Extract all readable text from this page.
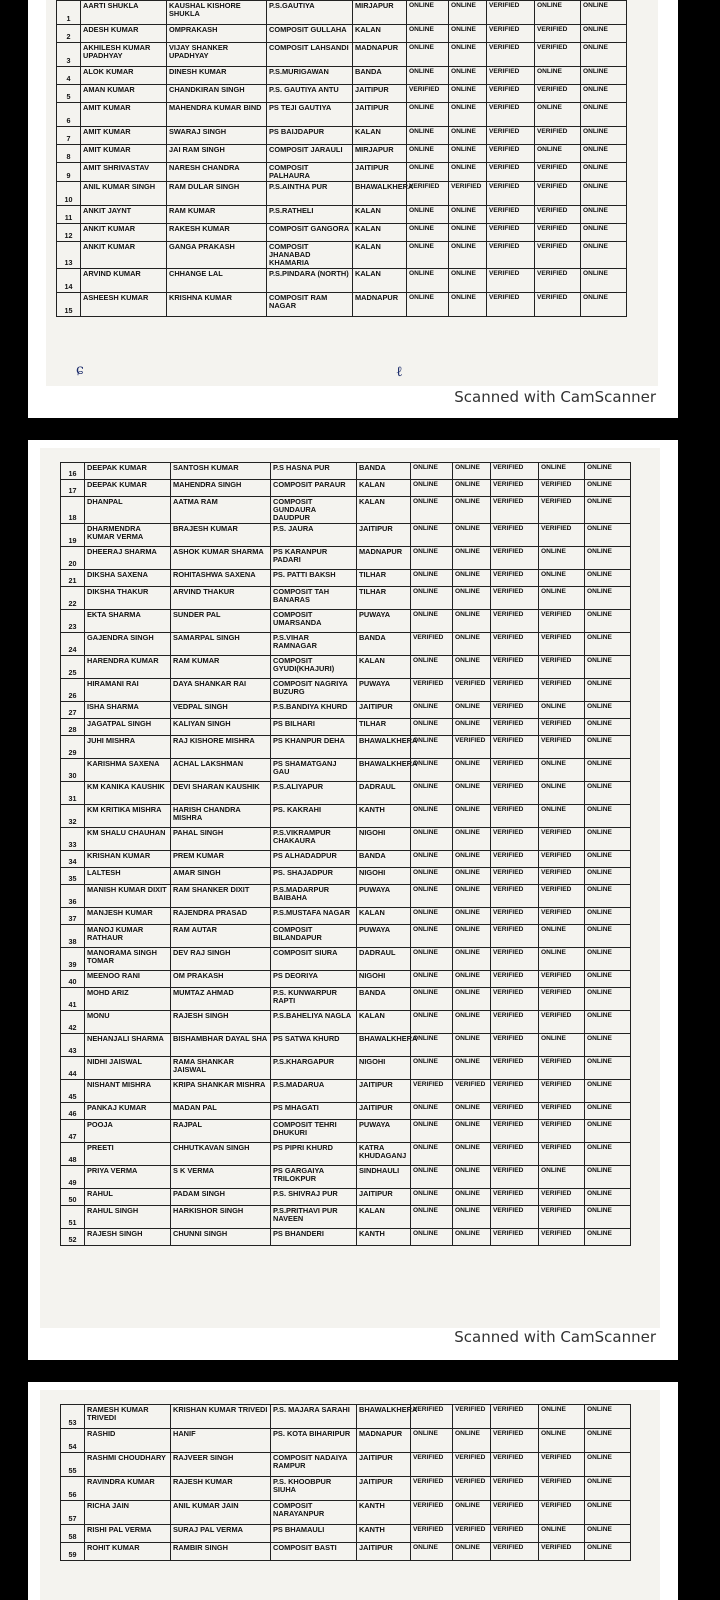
1	AARTI SHUKLA	KAUSHAL KISHORE SHUKLA	P.S.GAUTIYA	MIRJAPUR	ONLINE	ONLINE	VERIFIED	ONLINE	ONLINE
2	ADESH KUMAR	OMPRAKASH	COMPOSIT GULLAHA	KALAN	ONLINE	ONLINE	VERIFIED	VERIFIED	ONLINE
3	AKHILESH KUMAR UPADHYAY	VIJAY SHANKER UPADHYAY	COMPOSIT LAHSANDI	MADNAPUR	ONLINE	ONLINE	VERIFIED	VERIFIED	ONLINE
4	ALOK KUMAR	DINESH KUMAR	P.S.MURIGAWAN	BANDA	ONLINE	ONLINE	VERIFIED	ONLINE	ONLINE
5	AMAN KUMAR	CHANDKIRAN SINGH	P.S. GAUTIYA ANTU	JAITIPUR	VERIFIED	ONLINE	VERIFIED	VERIFIED	ONLINE
6	AMIT KUMAR	MAHENDRA KUMAR BIND	PS TEJI GAUTIYA	JAITIPUR	ONLINE	ONLINE	VERIFIED	ONLINE	ONLINE
7	AMIT KUMAR	SWARAJ SINGH	PS BAIJDAPUR	KALAN	ONLINE	ONLINE	VERIFIED	VERIFIED	ONLINE
8	AMIT KUMAR	JAI RAM SINGH	COMPOSIT JARAULI	MIRJAPUR	ONLINE	ONLINE	VERIFIED	ONLINE	ONLINE
9	AMIT SHRIVASTAV	NARESH CHANDRA	COMPOSIT PALHAURA	JAITIPUR	ONLINE	ONLINE	VERIFIED	VERIFIED	ONLINE
10	ANIL KUMAR SINGH	RAM DULAR SINGH	P.S.AINTHA PUR	BHAWALKHERA	VERIFIED	VERIFIED	VERIFIED	VERIFIED	ONLINE
11	ANKIT JAYNT	RAM KUMAR	P.S.RATHELI	KALAN	ONLINE	ONLINE	VERIFIED	VERIFIED	ONLINE
12	ANKIT KUMAR	RAKESH KUMAR	COMPOSIT GANGORA	KALAN	ONLINE	ONLINE	VERIFIED	VERIFIED	ONLINE
13	ANKIT KUMAR	GANGA PRAKASH	COMPOSIT JHANABAD KHAMARIA	KALAN	ONLINE	ONLINE	VERIFIED	VERIFIED	ONLINE
14	ARVIND KUMAR	CHHANGE LAL	P.S.PINDARA (NORTH)	KALAN	ONLINE	ONLINE	VERIFIED	VERIFIED	ONLINE
15	ASHEESH KUMAR	KRISHNA KUMAR	COMPOSIT RAM NAGAR	MADNAPUR	ONLINE	ONLINE	VERIFIED	VERIFIED	ONLINE
ɕ	ℓ
Scanned with CamScanner
16	DEEPAK KUMAR	SANTOSH KUMAR	P.S HASNA PUR	BANDA	ONLINE	ONLINE	VERIFIED	ONLINE	ONLINE
17	DEEPAK KUMAR	MAHENDRA SINGH	COMPOSIT PARAUR	KALAN	ONLINE	ONLINE	VERIFIED	VERIFIED	ONLINE
18	DHANPAL	AATMA RAM	COMPOSIT GUNDAURA DAUDPUR	KALAN	ONLINE	ONLINE	VERIFIED	VERIFIED	ONLINE
19	DHARMENDRA KUMAR VERMA	BRAJESH KUMAR	P.S. JAURA	JAITIPUR	ONLINE	ONLINE	VERIFIED	VERIFIED	ONLINE
20	DHEERAJ SHARMA	ASHOK KUMAR SHARMA	PS KARANPUR PADARI	MADNAPUR	ONLINE	ONLINE	VERIFIED	ONLINE	ONLINE
21	DIKSHA SAXENA	ROHITASHWA SAXENA	PS. PATTI BAKSH	TILHAR	ONLINE	ONLINE	VERIFIED	ONLINE	ONLINE
22	DIKSHA THAKUR	ARVIND THAKUR	COMPOSIT TAH BANARAS	TILHAR	ONLINE	ONLINE	VERIFIED	ONLINE	ONLINE
23	EKTA SHARMA	SUNDER PAL	COMPOSIT UMARSANDA	PUWAYA	ONLINE	ONLINE	VERIFIED	VERIFIED	ONLINE
24	GAJENDRA SINGH	SAMARPAL SINGH	P.S.VIHAR RAMNAGAR	BANDA	VERIFIED	ONLINE	VERIFIED	VERIFIED	ONLINE
25	HARENDRA KUMAR	RAM KUMAR	COMPOSIT GYUDI(KHAJURI)	KALAN	ONLINE	ONLINE	VERIFIED	VERIFIED	ONLINE
26	HIRAMANI RAI	DAYA SHANKAR RAI	COMPOSIT NAGRIYA BUZURG	PUWAYA	VERIFIED	VERIFIED	VERIFIED	VERIFIED	ONLINE
27	ISHA SHARMA	VEDPAL SINGH	P.S.BANDIYA KHURD	JAITIPUR	ONLINE	ONLINE	VERIFIED	ONLINE	ONLINE
28	JAGATPAL SINGH	KALIYAN SINGH	PS BILHARI	TILHAR	ONLINE	ONLINE	VERIFIED	VERIFIED	ONLINE
29	JUHI MISHRA	RAJ KISHORE MISHRA	PS KHANPUR DEHA	BHAWALKHERA	ONLINE	VERIFIED	VERIFIED	VERIFIED	ONLINE
30	KARISHMA SAXENA	ACHAL LAKSHMAN	PS SHAMATGANJ GAU	BHAWALKHERA	ONLINE	ONLINE	VERIFIED	ONLINE	ONLINE
31	KM KANIKA KAUSHIK	DEVI SHARAN KAUSHIK	P.S.ALIYAPUR	DADRAUL	ONLINE	ONLINE	VERIFIED	ONLINE	ONLINE
32	KM KRITIKA MISHRA	HARISH CHANDRA MISHRA	PS. KAKRAHI	KANTH	ONLINE	ONLINE	VERIFIED	ONLINE	ONLINE
33	KM SHALU CHAUHAN	PAHAL SINGH	P.S.VIKRAMPUR CHAKAURA	NIGOHI	ONLINE	ONLINE	VERIFIED	VERIFIED	ONLINE
34	KRISHAN KUMAR	PREM KUMAR	PS ALHADADPUR	BANDA	ONLINE	ONLINE	VERIFIED	VERIFIED	ONLINE
35	LALTESH	AMAR SINGH	PS. SHAJADPUR	NIGOHI	ONLINE	ONLINE	VERIFIED	VERIFIED	ONLINE
36	MANISH KUMAR DIXIT	RAM SHANKER DIXIT	P.S.MADARPUR BAIBAHA	PUWAYA	ONLINE	ONLINE	VERIFIED	VERIFIED	ONLINE
37	MANJESH KUMAR	RAJENDRA PRASAD	P.S.MUSTAFA NAGAR	KALAN	ONLINE	ONLINE	VERIFIED	VERIFIED	ONLINE
38	MANOJ KUMAR RATHAUR	RAM AUTAR	COMPOSIT BILANDAPUR	PUWAYA	ONLINE	ONLINE	VERIFIED	ONLINE	ONLINE
39	MANORAMA SINGH TOMAR	DEV RAJ SINGH	COMPOSIT SIURA	DADRAUL	ONLINE	ONLINE	VERIFIED	ONLINE	ONLINE
40	MEENOO RANI	OM PRAKASH	PS DEORIYA	NIGOHI	ONLINE	ONLINE	VERIFIED	VERIFIED	ONLINE
41	MOHD ARIZ	MUMTAZ AHMAD	P.S. KUNWARPUR RAPTI	BANDA	ONLINE	ONLINE	VERIFIED	VERIFIED	ONLINE
42	MONU	RAJESH SINGH	P.S.BAHELIYA NAGLA	KALAN	ONLINE	ONLINE	VERIFIED	VERIFIED	ONLINE
43	NEHANJALI SHARMA	BISHAMBHAR DAYAL SHA	PS SATWA KHURD	BHAWALKHERA	ONLINE	ONLINE	VERIFIED	ONLINE	ONLINE
44	NIDHI JAISWAL	RAMA SHANKAR JAISWAL	P.S.KHARGAPUR	NIGOHI	ONLINE	ONLINE	VERIFIED	VERIFIED	ONLINE
45	NISHANT MISHRA	KRIPA SHANKAR MISHRA	P.S.MADARUA	JAITIPUR	VERIFIED	VERIFIED	VERIFIED	VERIFIED	ONLINE
46	PANKAJ KUMAR	MADAN PAL	PS MHAGATI	JAITIPUR	ONLINE	ONLINE	VERIFIED	VERIFIED	ONLINE
47	POOJA	RAJPAL	COMPOSIT TEHRI DHUKURI	PUWAYA	ONLINE	ONLINE	VERIFIED	VERIFIED	ONLINE
48	PREETI	CHHUTKAVAN SINGH	PS PIPRI KHURD	KATRA KHUDAGANJ	ONLINE	ONLINE	VERIFIED	VERIFIED	ONLINE
49	PRIYA VERMA	S K VERMA	PS GARGAIYA TRILOKPUR	SINDHAULI	ONLINE	ONLINE	VERIFIED	ONLINE	ONLINE
50	RAHUL	PADAM SINGH	P.S. SHIVRAJ PUR	JAITIPUR	ONLINE	ONLINE	VERIFIED	VERIFIED	ONLINE
51	RAHUL SINGH	HARKISHOR SINGH	P.S.PRITHAVI PUR NAVEEN	KALAN	ONLINE	ONLINE	VERIFIED	VERIFIED	ONLINE
52	RAJESH SINGH	CHUNNI SINGH	PS BHANDERI	KANTH	ONLINE	ONLINE	VERIFIED	VERIFIED	ONLINE
Scanned with CamScanner
53	RAMESH KUMAR TRIVEDI	KRISHAN KUMAR TRIVEDI	P.S. MAJARA SARAHI	BHAWALKHERA	VERIFIED	VERIFIED	VERIFIED	ONLINE	ONLINE
54	RASHID	HANIF	PS. KOTA BIHARIPUR	MADNAPUR	ONLINE	ONLINE	VERIFIED	ONLINE	ONLINE
55	RASHMI CHOUDHARY	RAJVEER SINGH	COMPOSIT NADAIYA RAMPUR	JAITIPUR	VERIFIED	VERIFIED	VERIFIED	VERIFIED	ONLINE
56	RAVINDRA KUMAR	RAJESH KUMAR	P.S. KHOOBPUR SIUHA	JAITIPUR	VERIFIED	VERIFIED	VERIFIED	VERIFIED	ONLINE
57	RICHA JAIN	ANIL KUMAR JAIN	COMPOSIT NARAYANPUR	KANTH	VERIFIED	ONLINE	VERIFIED	VERIFIED	ONLINE
58	RISHI PAL VERMA	SURAJ PAL VERMA	PS BHAMAULI	KANTH	VERIFIED	VERIFIED	VERIFIED	ONLINE	ONLINE
59	ROHIT KUMAR	RAMBIR SINGH	COMPOSIT BASTI	JAITIPUR	ONLINE	ONLINE	VERIFIED	VERIFIED	ONLINE
